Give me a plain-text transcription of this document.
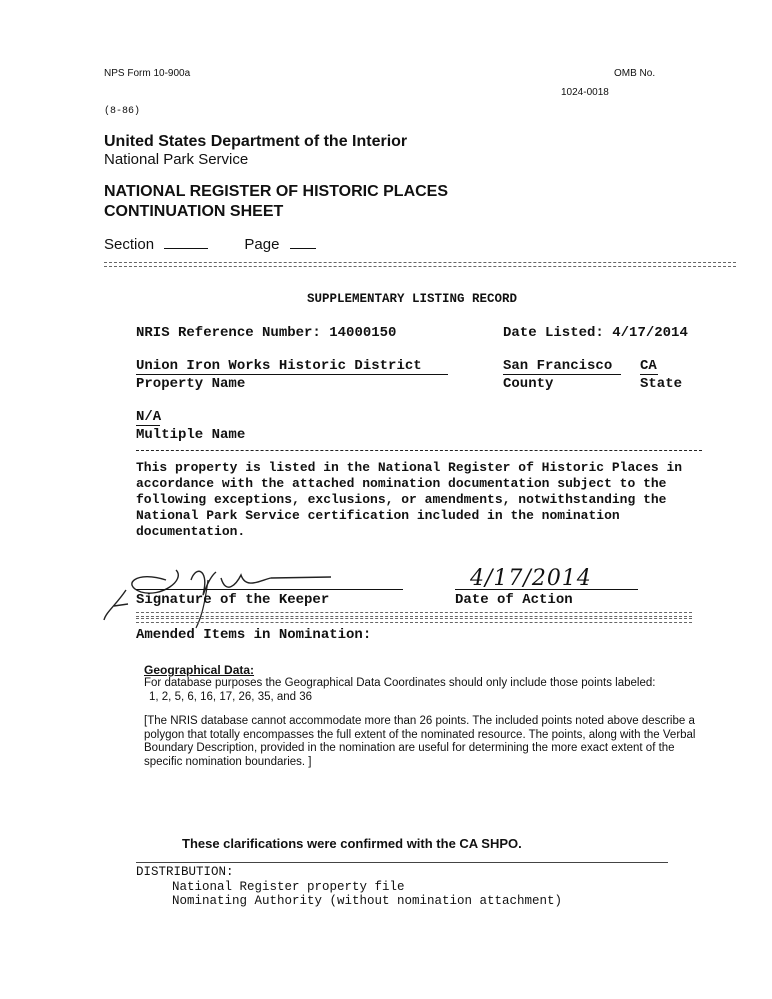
NPS Form 10-900a	OMB No.
1024-0018
(8-86)
United States Department of the Interior
National Park Service
NATIONAL REGISTER OF HISTORIC PLACES
CONTINUATION SHEET
Section	Page
SUPPLEMENTARY LISTING RECORD
NRIS Reference Number: 14000150	Date Listed: 4/17/2014
Union Iron Works Historic District
Property Name
San Francisco
County
CA
State
N/A
Multiple Name
This property is listed in the National Register of Historic Places in accordance with the attached nomination documentation subject to the following exceptions, exclusions, or amendments, notwithstanding the National Park Service certification included in the nomination documentation.
Signature of the Keeper
4/17/2014
Date of Action
Amended Items in Nomination:
Geographical Data:
For database purposes the Geographical Data Coordinates should only include those points labeled:
1, 2, 5, 6, 16, 17, 26, 35, and 36
[The NRIS database cannot accommodate more than 26 points. The included points noted above describe a polygon that totally encompasses the full extent of the nominated resource. The points, along with the Verbal Boundary Description, provided in the nomination are useful for determining the more exact extent of the specific nomination boundaries. ]
These clarifications were confirmed with the CA SHPO.
DISTRIBUTION:
National Register property file
Nominating Authority (without nomination attachment)
